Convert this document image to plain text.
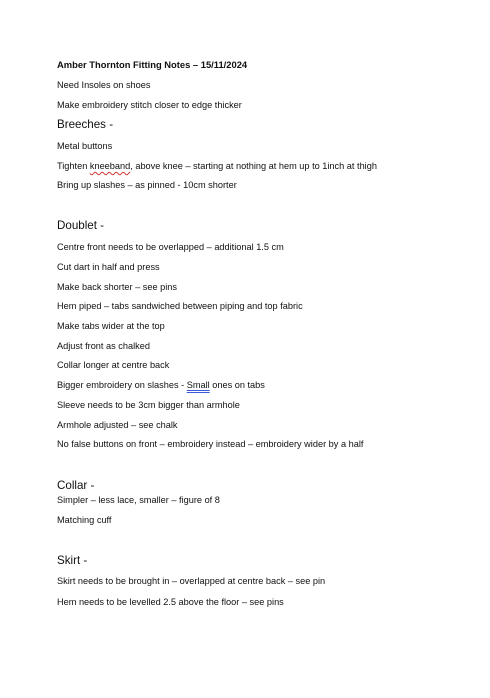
Amber Thornton Fitting Notes – 15/11/2024
Need Insoles on shoes
Make embroidery stitch closer to edge thicker
Breeches -
Metal buttons
Tighten kneeband, above knee – starting at nothing at hem up to 1inch at thigh
Bring up slashes – as pinned - 10cm shorter
Doublet -
Centre front needs to be overlapped – additional 1.5 cm
Cut dart in half and press
Make back shorter – see pins
Hem piped – tabs sandwiched between piping and top fabric
Make tabs wider at the top
Adjust front as chalked
Collar longer at centre back
Bigger embroidery on slashes - Small ones on tabs
Sleeve needs to be 3cm bigger than armhole
Armhole adjusted – see chalk
No false buttons on front – embroidery instead – embroidery wider by a half
Collar -
Simpler – less lace, smaller – figure of 8
Matching cuff
Skirt -
Skirt needs to be brought in – overlapped at centre back – see pin
Hem needs to be levelled 2.5 above the floor – see pins
